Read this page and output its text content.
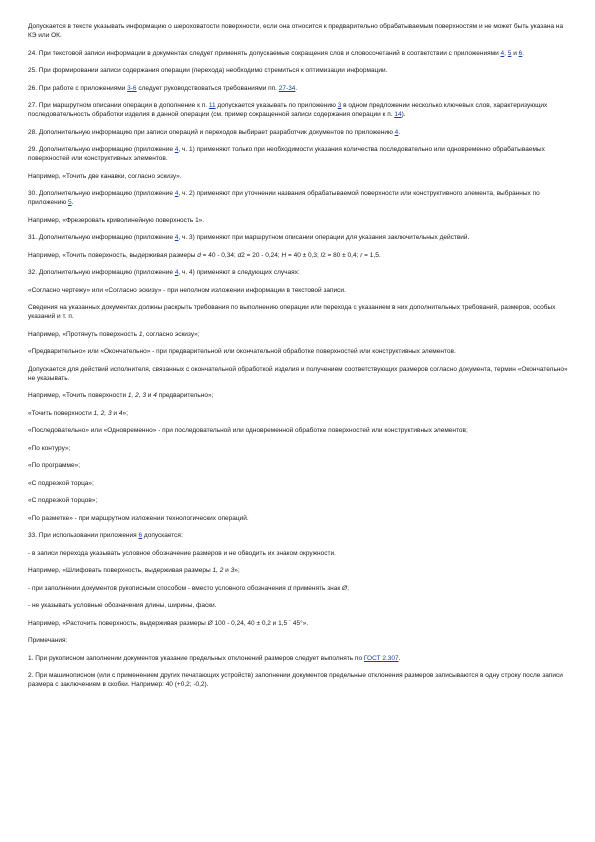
Допускается в тексте указывать информацию о шероховатости поверхности, если она относится к предварительно обрабатываемым поверхностям и не может быть указана на КЭ или ОК.

24. При текстовой записи информации в документах следует применять допускаемые сокращения слов и словосочетаний в соответствии с приложениями 4, 5 и 6.

25. При формировании записи содержания операции (перехода) необходимо стремиться к оптимизации информации.

26. При работе с приложениями 3-6 следует руководствоваться требованиями пп. 27-34.

27. При маршрутном описании операции в дополнение к п. 11 допускается указывать по приложению 3 в одном предложении несколько ключевых слов, характеризующих последовательность обработки изделия в данной операции (см. пример сокращенной записи содержания операции к п. 14).

28. Дополнительную информацию при записи операций и переходов выбирает разработчик документов по приложению 4.

29. Дополнительную информацию (приложение 4, ч. 1) применяют только при необходимости указания количества последовательно или одновременно обрабатываемых поверхностей или конструктивных элементов.

Например, «Точить две канавки, согласно эскизу».

30. Дополнительную информацию (приложение 4, ч. 2) применяют при уточнении названия обрабатываемой поверхности или конструктивного элемента, выбранных по приложению 5.

Например, «Фрезеровать криволинейную поверхность 1».

31. Дополнительную информацию (приложение 4, ч. 3) применяют при маршрутном описании операции для указания заключительных действий.

Например, «Точить поверхность, выдерживая размеры d = 40 - 0,34; d2 = 20 - 0,24; H = 40 ± 0,3; l2 = 80 ± 0,4; r = 1,5.

32. Дополнительную информацию (приложение 4, ч. 4) применяют в следующих случаях:

«Согласно чертежу» или «Согласно эскизу» - при неполном изложении информации в текстовой записи.

Сведения на указанных документах должны раскрыть требования по выполнению операции или перехода с указанием в них дополнительных требований, размеров, особых указаний и т. п.

Например, «Протянуть поверхность 1, согласно эскизу»;

«Предварительно» или «Окончательно» - при предварительной или окончательной обработке поверхностей или конструктивных элементов.

Допускается для действий исполнителя, связанных с окончательной обработкой изделия и получением соответствующих размеров согласно документа, термин «Окончательно» не указывать.

Например, «Точить поверхности 1, 2, 3 и 4 предварительно»;

«Точить поверхности 1, 2, 3 и 4»;

«Последовательно» или «Одновременно» - при последовательной или одновременной обработке поверхностей или конструктивных элементов;

«По контуру»;

«По программе»;

«С подрезкой торца»;

«С подрезкой торцов»;

«По разметке» - при маршрутном изложении технологических операций.

33. При использовании приложения 6 допускается:

- в записи перехода указывать условное обозначение размеров и не обводить их знаком окружности.

Например, «Шлифовать поверхность, выдерживая размеры 1, 2 и 3»;

- при заполнении документов рукописным способом - вместо условного обозначения d применять знак Ø;

- не указывать условные обозначения длины, ширины, фаски.

Например, «Расточить поверхность, выдерживая размеры Ø 100 - 0,24, 40 ± 0,2 и 1,5 ´ 45°».

Примечания:

1. При рукописном заполнении документов указание предельных отклонений размеров следует выполнять по ГОСТ 2.307.

2. При машинописном (или с применением других печатающих устройств) заполнении документов предельные отклонения размеров записываются в одну строку после записи размера с заключением в скобки. Например: 40 (+0,2; -0,2).
